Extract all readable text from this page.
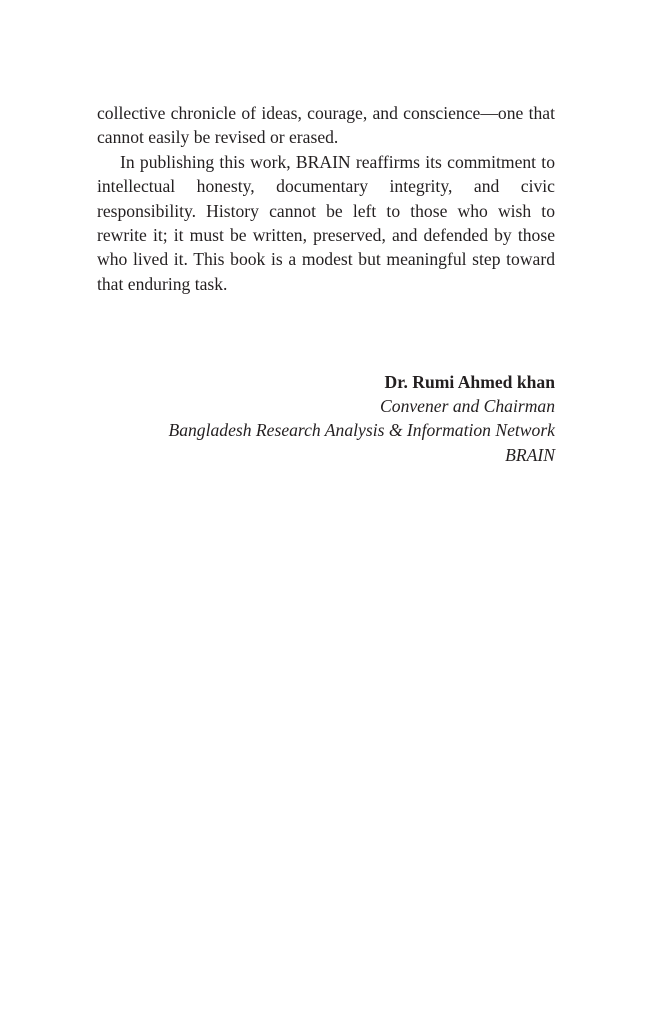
collective chronicle of ideas, courage, and conscience—one that cannot easily be revised or erased.

In publishing this work, BRAIN reaffirms its commitment to intellectual honesty, documentary integrity, and civic responsibility. History cannot be left to those who wish to rewrite it; it must be written, preserved, and defended by those who lived it. This book is a modest but meaningful step toward that enduring task.

Dr. Rumi Ahmed khan
Convener and Chairman
Bangladesh Research Analysis & Information Network
BRAIN
